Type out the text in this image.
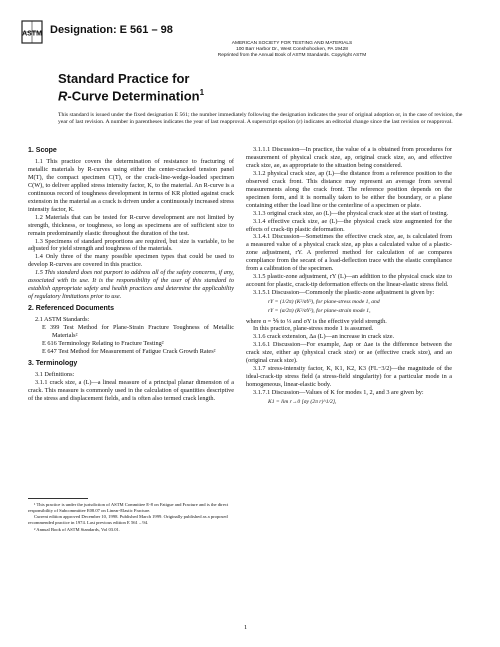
ASTM Designation: E 561 – 98
AMERICAN SOCIETY FOR TESTING AND MATERIALS
100 Barr Harbor Dr., West Conshohocken, PA 19428
Reprinted from the Annual Book of ASTM Standards. Copyright ASTM
Standard Practice for
R-Curve Determination$^1$
This standard is issued under the fixed designation E 561; the number immediately following the designation indicates the year of original adoption or, in the case of revision, the year of last revision. A number in parentheses indicates the year of last reapproval. A superscript epsilon (ε) indicates an editorial change since the last revision or reapproval.
1. Scope

1.1 This practice covers the determination of resistance to fracturing of metallic materials by R-curves using either the center-cracked tension panel M(T), the compact specimen C(T), or the crack-line-wedge-loaded specimen C(W), to deliver applied stress intensity factor, K, to the material. An R-curve is a continuous record of toughness development in terms of KR plotted against crack extension in the material as a crack is driven under a continuously increased stress intensity factor, K.

1.2 Materials that can be tested for R-curve development are not limited by strength, thickness, or toughness, so long as specimens are of sufficient size to remain predominantly elastic throughout the duration of the test.

1.3 Specimens of standard proportions are required, but size is variable, to be adjusted for yield strength and toughness of the materials.

1.4 Only three of the many possible specimen types that could be used to develop R-curves are covered in this practice.

1.5 This standard does not purport to address all of the safety concerns, if any, associated with its use. It is the responsibility of the user of this standard to establish appropriate safety and health practices and determine the applicability of regulatory limitations prior to use.

2. Referenced Documents

2.1 ASTM Standards:

E 399 Test Method for Plane-Strain Fracture Toughness of Metallic Materials²

E 616 Terminology Relating to Fracture Testing²

E 647 Test Method for Measurement of Fatigue Crack Growth Rates²

3. Terminology

3.1 Definitions:

3.1.1 crack size, a (L)—a lineal measure of a principal planar dimension of a crack. This measure is commonly used in the calculation of quantities descriptive of the stress and displacement fields, and is often also termed crack length.

¹ This practice is under the jurisdiction of ASTM Committee E-8 on Fatigue and Fracture and is the direct responsibility of Subcommittee E08.07 on Linear-Elastic Fracture.

Current edition approved December 10, 1998. Published March 1999. Originally published as a proposed recommended practice in 1974. Last previous edition E 561 – 94.

² Annual Book of ASTM Standards, Vol 03.01.

3.1.1.1 Discussion—In practice, the value of a is obtained from procedures for measurement of physical crack size, ap, original crack size, ao, and effective crack size, ae, as appropriate to the situation being considered.

3.1.2 physical crack size, ap (L)—the distance from a reference position to the observed crack front. This distance may represent an average from several measurements along the crack front. The reference position depends on the specimen form, and it is normally taken to be either the boundary, or a plane containing either the load line or the centerline of a specimen or plate.

3.1.3 original crack size, ao (L)—the physical crack size at the start of testing.

3.1.4 effective crack size, ae (L)—the physical crack size augmented for the effects of crack-tip plastic deformation.

3.1.4.1 Discussion—Sometimes the effective crack size, ae, is calculated from a measured value of a physical crack size, ap plus a calculated value of a plastic-zone adjustment, rY. A preferred method for calculation of ae compares compliance from the secant of a load-deflection trace with the elastic compliance from a calibration of the specimen.

3.1.5 plastic-zone adjustment, rY (L)—an addition to the physical crack size to account for plastic, crack-tip deformation effects on the linear-elastic stress field.

3.1.5.1 Discussion—Commonly the plastic-zone adjustment is given by:

rY = (1/2π) (K²/σY²), for plane-stress mode 1, and
rY = (α/2π) (K²/σY²), for plane-strain mode 1,

where α = ⅙ to ⅓ and σY is the effective yield strength.

In this practice, plane-stress mode 1 is assumed.

3.1.6 crack extension, Δa (L)—an increase in crack size.

3.1.6.1 Discussion—For example, Δap or Δae is the difference between the crack size, either ap (physical crack size) or ae (effective crack size), and ao (original crack size).

3.1.7 stress-intensity factor, K, K1, K2, K3 (FL−3/2)—the magnitude of the ideal-crack-tip stress field (a stress-field singularity) for a particular mode in a homogeneous, linear-elastic body.

3.1.7.1 Discussion—Values of K for modes 1, 2, and 3 are given by:

K1 = lim r→0 [σy (2π r)^1/2],
1
